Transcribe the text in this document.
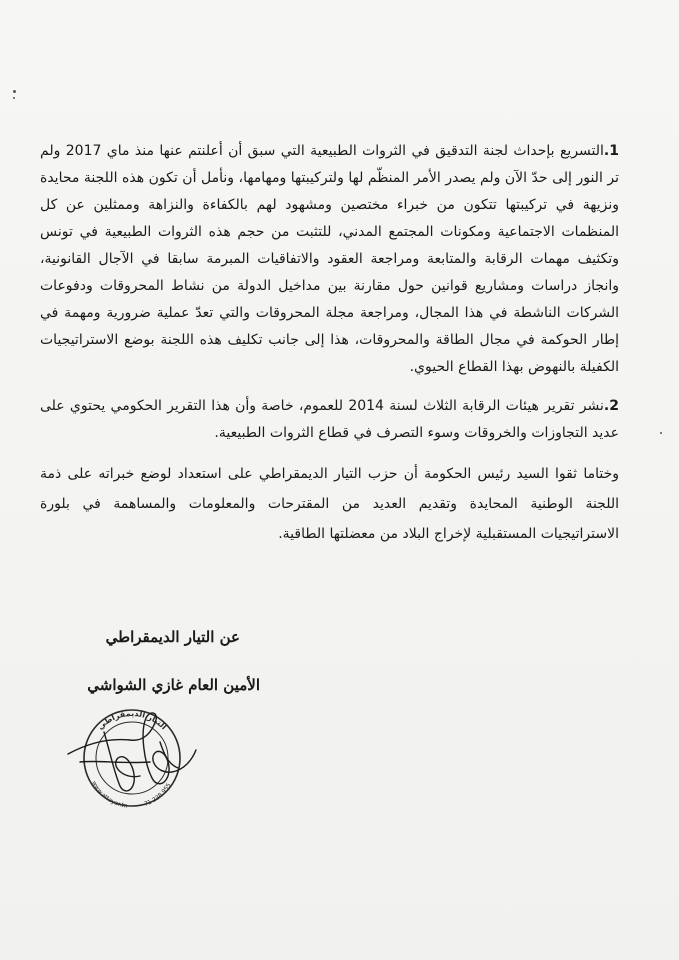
1.التسريع بإحداث لجنة التدقيق في الثروات الطبيعية التي سبق أن أعلنتم عنها منذ ماي 2017 ولم تر النور إلى حدّ الآن ولم يصدر الأمر المنظّم لها ولتركيبتها ومهامها، ونأمل أن تكون هذه اللجنة محايدة ونزيهة في تركيبتها تتكون من خبراء مختصين ومشهود لهم بالكفاءة والنزاهة وممثلين عن كل المنظمات الاجتماعية ومكونات المجتمع المدني، للتثبت من حجم هذه الثروات الطبيعية في تونس وتكثيف مهمات الرقابة والمتابعة ومراجعة العقود والاتفاقيات المبرمة سابقا في الآجال القانونية، وانجاز دراسات ومشاريع قوانين حول مقارنة بين مداخيل الدولة من نشاط المحروقات ودفوعات الشركات الناشطة في هذا المجال، ومراجعة مجلة المحروقات والتي تعدّ عملية ضرورية ومهمة في إطار الحوكمة في مجال الطاقة والمحروقات، هذا إلى جانب تكليف هذه اللجنة بوضع الاستراتيجيات الكفيلة بالنهوض بهذا القطاع الحيوي.

2.نشر تقرير هيئات الرقابة الثلاث لسنة 2014 للعموم، خاصة وأن هذا التقرير الحكومي يحتوي على عديد التجاوزات والخروقات وسوء التصرف في قطاع الثروات الطبيعية.

وختاما ثقوا السيد رئيس الحكومة أن حزب التيار الديمقراطي على استعداد لوضع خبراته على ذمة اللجنة الوطنية المحايدة وتقديم العديد من المقترحات والمعلومات والمساهمة في بلورة الاستراتيجيات المستقبلية لإخراج البلاد من معضلتها الطاقية.

عن التيار الديمقراطي
الأمين العام غازي الشواشي
التيار الديمقراطي
www.attayar.tn	71 238 955
